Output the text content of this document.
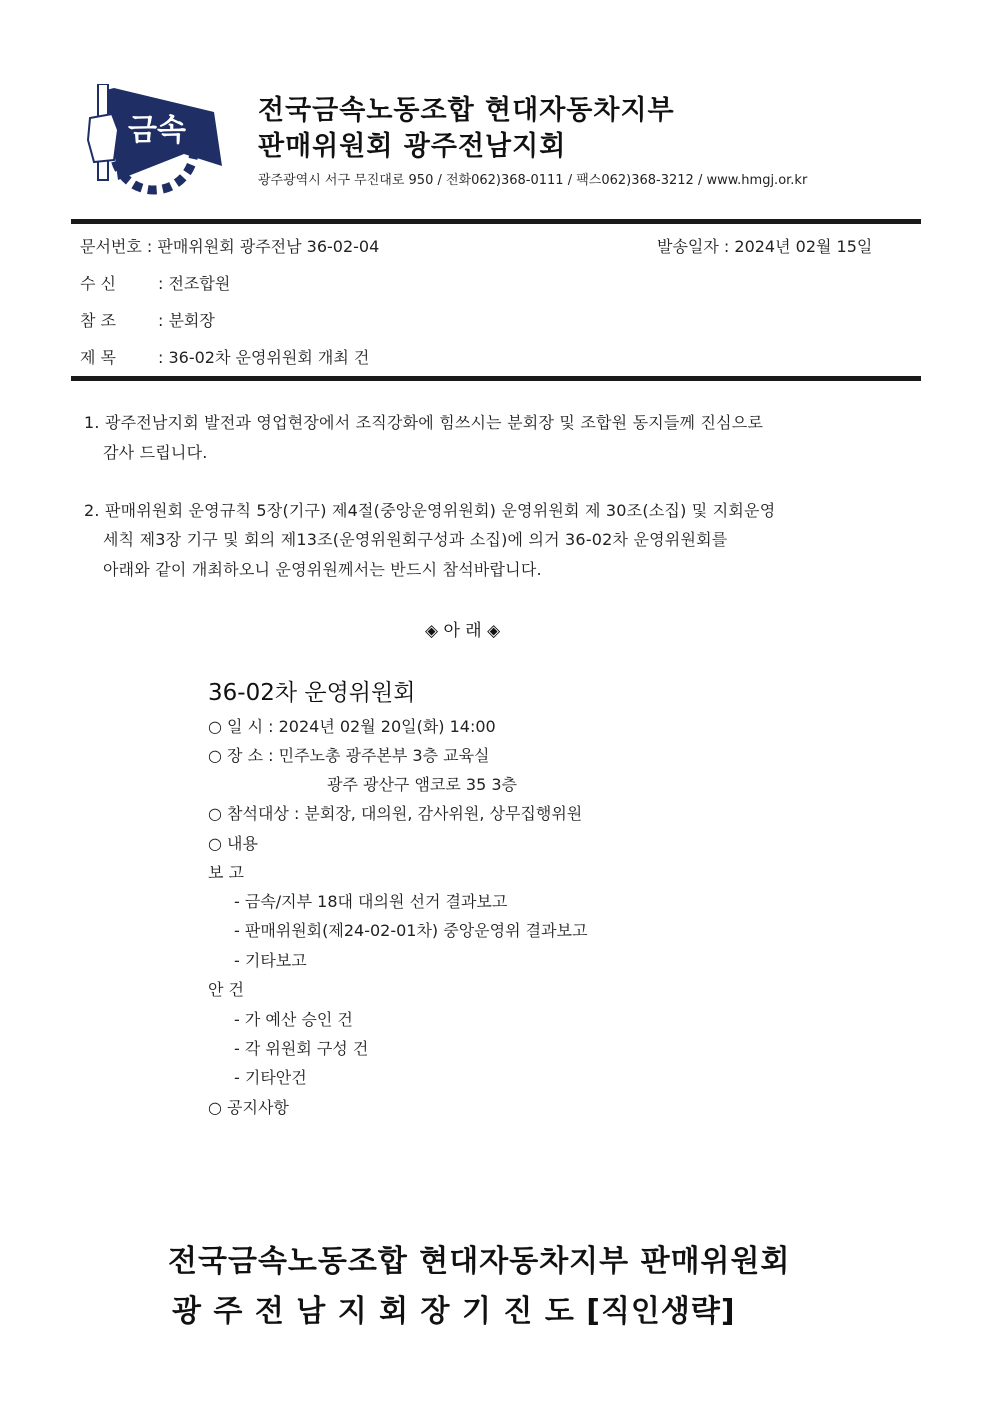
금속
전국금속노동조합 현대자동차지부
판매위원회 광주전남지회
광주광역시 서구 무진대로 950 / 전화062)368-0111 / 팩스062)368-3212 / www.hmgj.or.kr
문서번호 : 판매위원회 광주전남 36-02-04	발송일자 : 2024년 02월 15일
수 신	: 전조합원
참 조	: 분회장
제 목	: 36-02차 운영위원회 개최 건
1. 광주전남지회 발전과 영업현장에서 조직강화에 힘쓰시는 분회장 및 조합원 동지들께 진심으로
감사 드립니다.
2. 판매위원회 운영규칙 5장(기구) 제4절(중앙운영위원회) 운영위원회 제 30조(소집) 및 지회운영
세칙 제3장 기구 및 회의 제13조(운영위원회구성과 소집)에 의거 36-02차 운영위원회를
아래와 같이 개최하오니 운영위원께서는 반드시 참석바랍니다.
◈ 아 래 ◈
36-02차 운영위원회
○ 일 시 : 2024년 02월 20일(화) 14:00
○ 장 소 : 민주노총 광주본부 3층 교육실
광주 광산구 앰코로 35 3층
○ 참석대상 : 분회장, 대의원, 감사위원, 상무집행위원
○ 내용
보 고
- 금속/지부 18대 대의원 선거 결과보고
- 판매위원회(제24-02-01차) 중앙운영위 결과보고
- 기타보고
안 건
- 가 예산 승인 건
- 각 위원회 구성 건
- 기타안건
○ 공지사항
전국금속노동조합 현대자동차지부 판매위원회
광 주 전 남 지 회 장 기 진 도 [직인생략]
